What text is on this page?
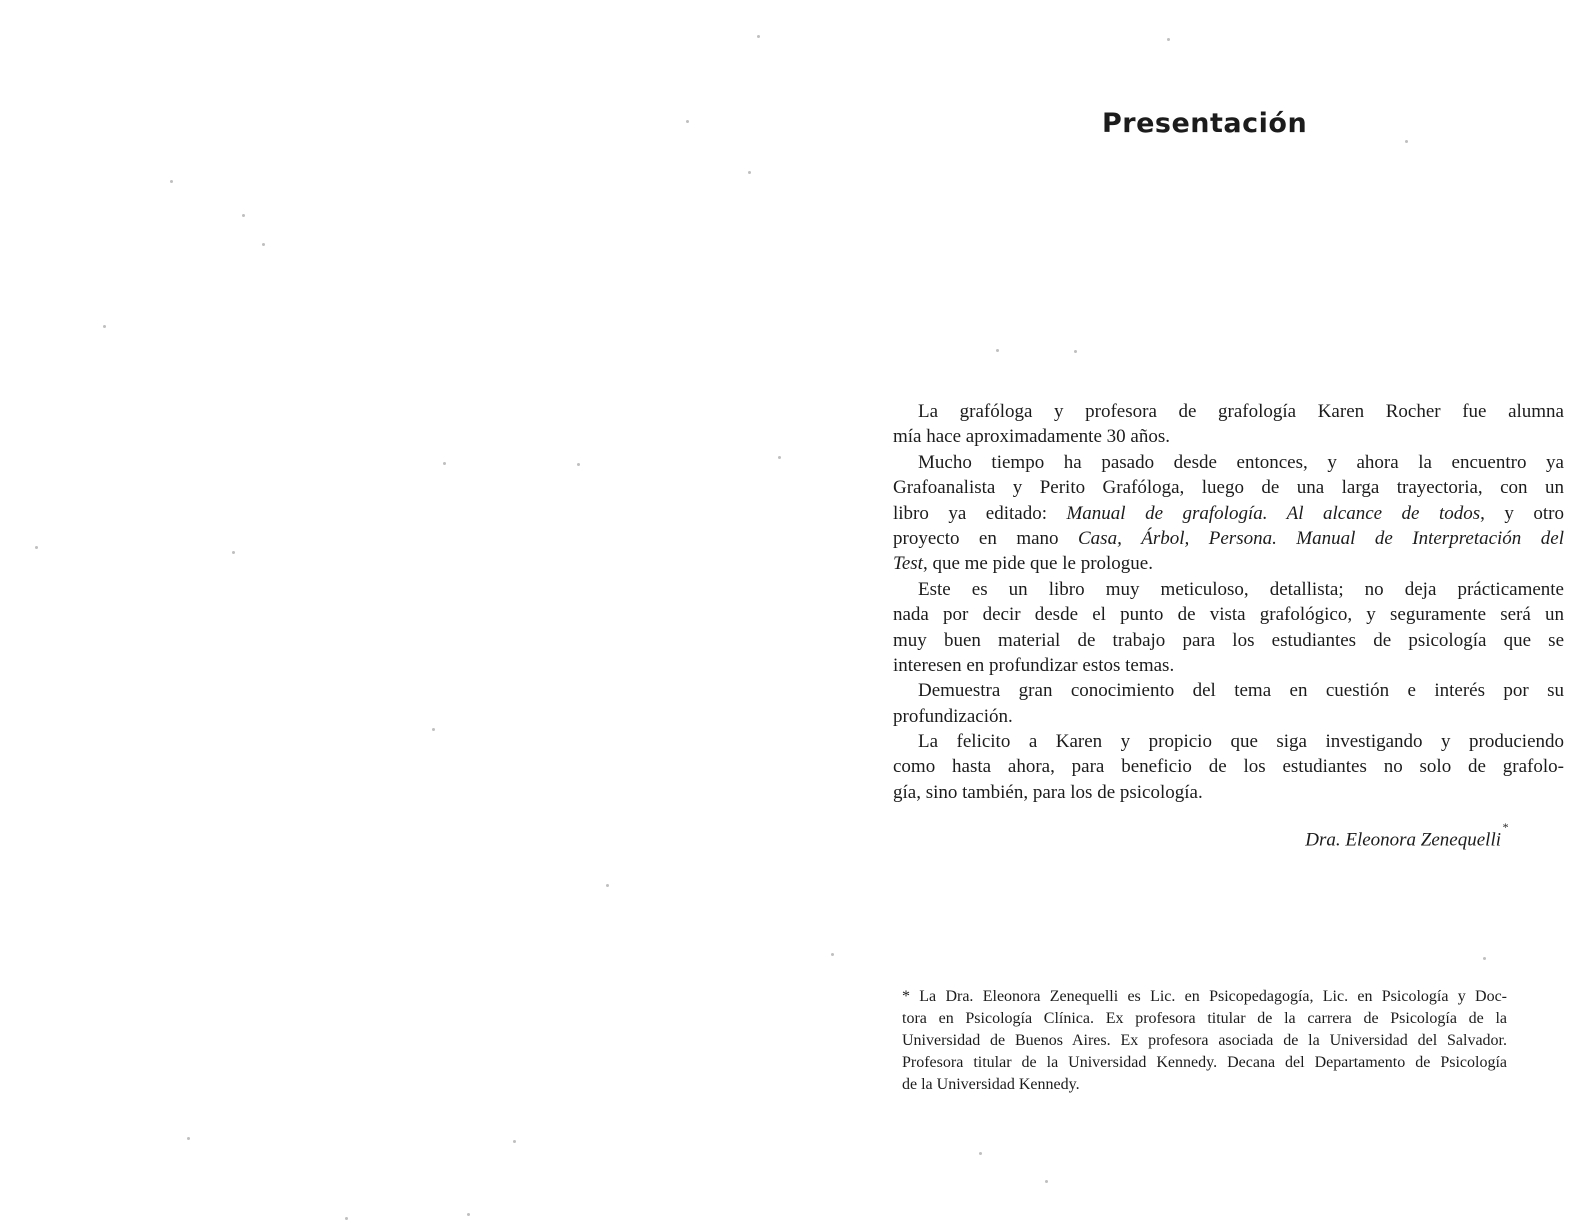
Presentación
La grafóloga y profesora de grafología Karen Rocher fue alumna
mía hace aproximadamente 30 años.
Mucho tiempo ha pasado desde entonces, y ahora la encuentro ya
Grafoanalista y Perito Grafóloga, luego de una larga trayectoria, con un
libro ya editado: Manual de grafología. Al alcance de todos, y otro
proyecto en mano Casa, Árbol, Persona. Manual de Interpretación del
Test, que me pide que le prologue.
Este es un libro muy meticuloso, detallista; no deja prácticamente
nada por decir desde el punto de vista grafológico, y seguramente será un
muy buen material de trabajo para los estudiantes de psicología que se
interesen en profundizar estos temas.
Demuestra gran conocimiento del tema en cuestión e interés por su
profundización.
La felicito a Karen y propicio que siga investigando y produciendo
como hasta ahora, para beneficio de los estudiantes no solo de grafolo-
gía, sino también, para los de psicología.
Dra. Eleonora Zenequelli*
* La Dra. Eleonora Zenequelli es Lic. en Psicopedagogía, Lic. en Psicología y Doc-
tora en Psicología Clínica. Ex profesora titular de la carrera de Psicología de la
Universidad de Buenos Aires. Ex profesora asociada de la Universidad del Salvador.
Profesora titular de la Universidad Kennedy. Decana del Departamento de Psicología
de la Universidad Kennedy.
